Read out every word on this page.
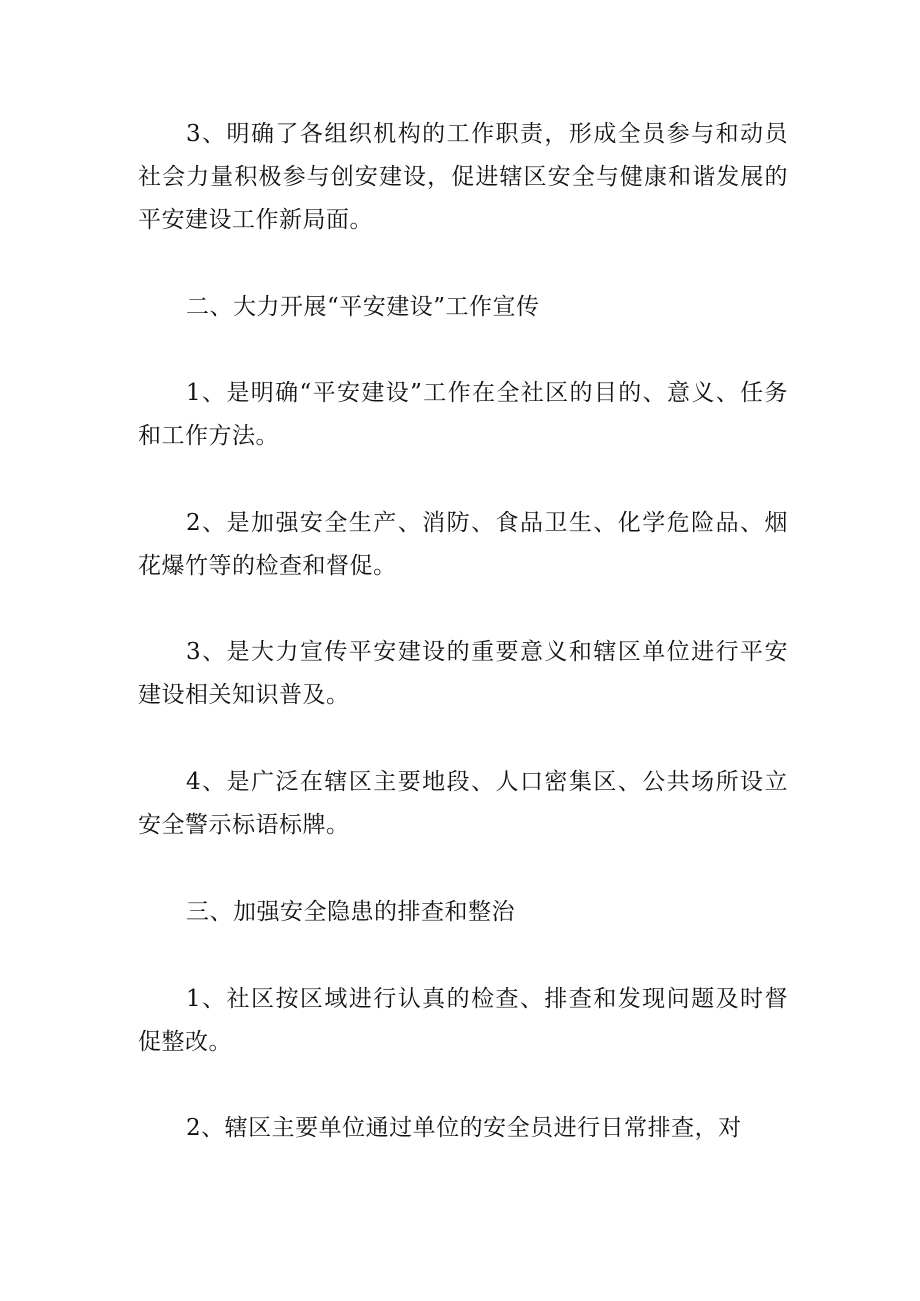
3、明确了各组织机构的工作职责，形成全员参与和动员社会力量积极参与创安建设，促进辖区安全与健康和谐发展的平安建设工作新局面。

二、大力开展“平安建设”工作宣传

1、是明确“平安建设”工作在全社区的目的、意义、任务和工作方法。

2、是加强安全生产、消防、食品卫生、化学危险品、烟花爆竹等的检查和督促。

3、是大力宣传平安建设的重要意义和辖区单位进行平安建设相关知识普及。

4、是广泛在辖区主要地段、人口密集区、公共场所设立安全警示标语标牌。

三、加强安全隐患的排查和整治

1、社区按区域进行认真的检查、排查和发现问题及时督促整改。

2、辖区主要单位通过单位的安全员进行日常排查，对
